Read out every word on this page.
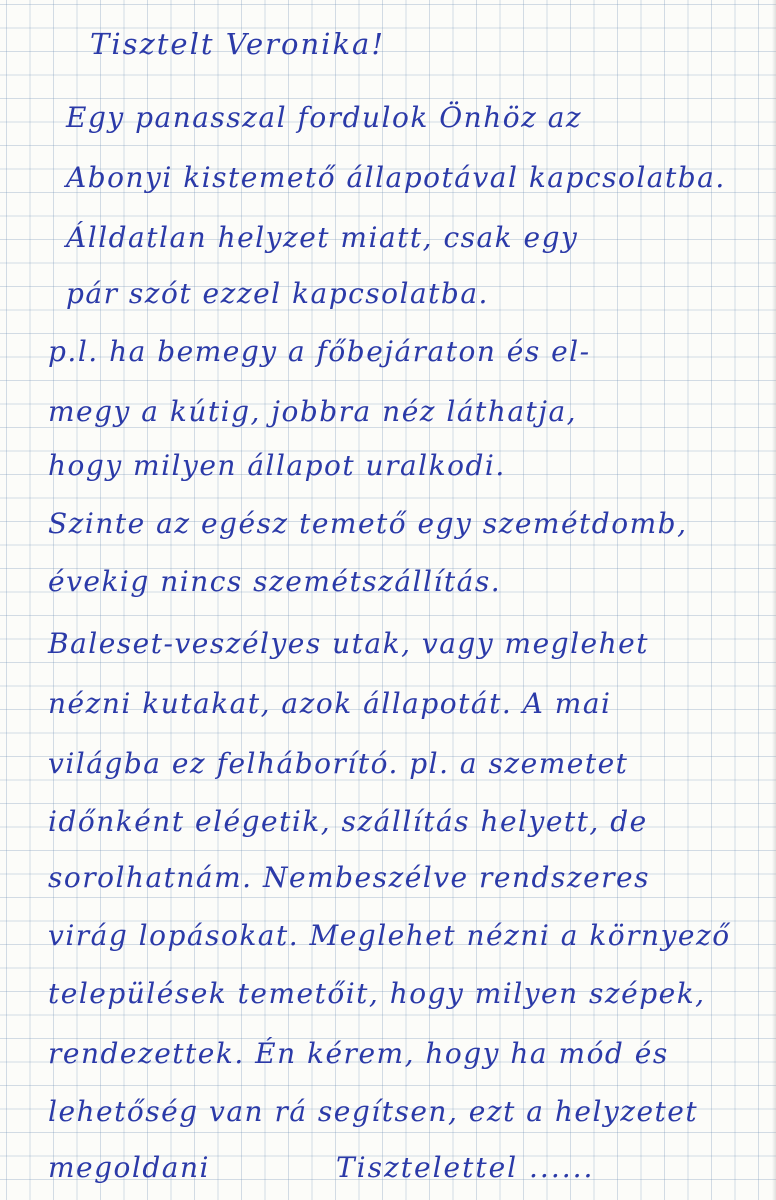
Tisztelt Veronika!
Egy panasszal fordulok Önhöz az
Abonyi kistemető állapotával kapcsolatba.
Álldatlan helyzet miatt, csak egy
pár szót ezzel kapcsolatba.
p.l. ha bemegy a főbejáraton és el-
megy a kútig, jobbra néz láthatja,
hogy milyen állapot uralkodi.
Szinte az egész temető egy szemétdomb,
évekig nincs szemétszállítás.
Baleset-veszélyes utak, vagy meglehet
nézni kutakat, azok állapotát. A mai
világba ez felháborító. pl. a szemetet
időnként elégetik, szállítás helyett, de
sorolhatnám. Nembeszélve rendszeres
virág lopásokat. Meglehet nézni a környező
települések temetőit, hogy milyen szépek,
rendezettek. Én kérem, hogy ha mód és
lehetőség van rá segítsen, ezt a helyzetet
megoldani	Tisztelettel ......
